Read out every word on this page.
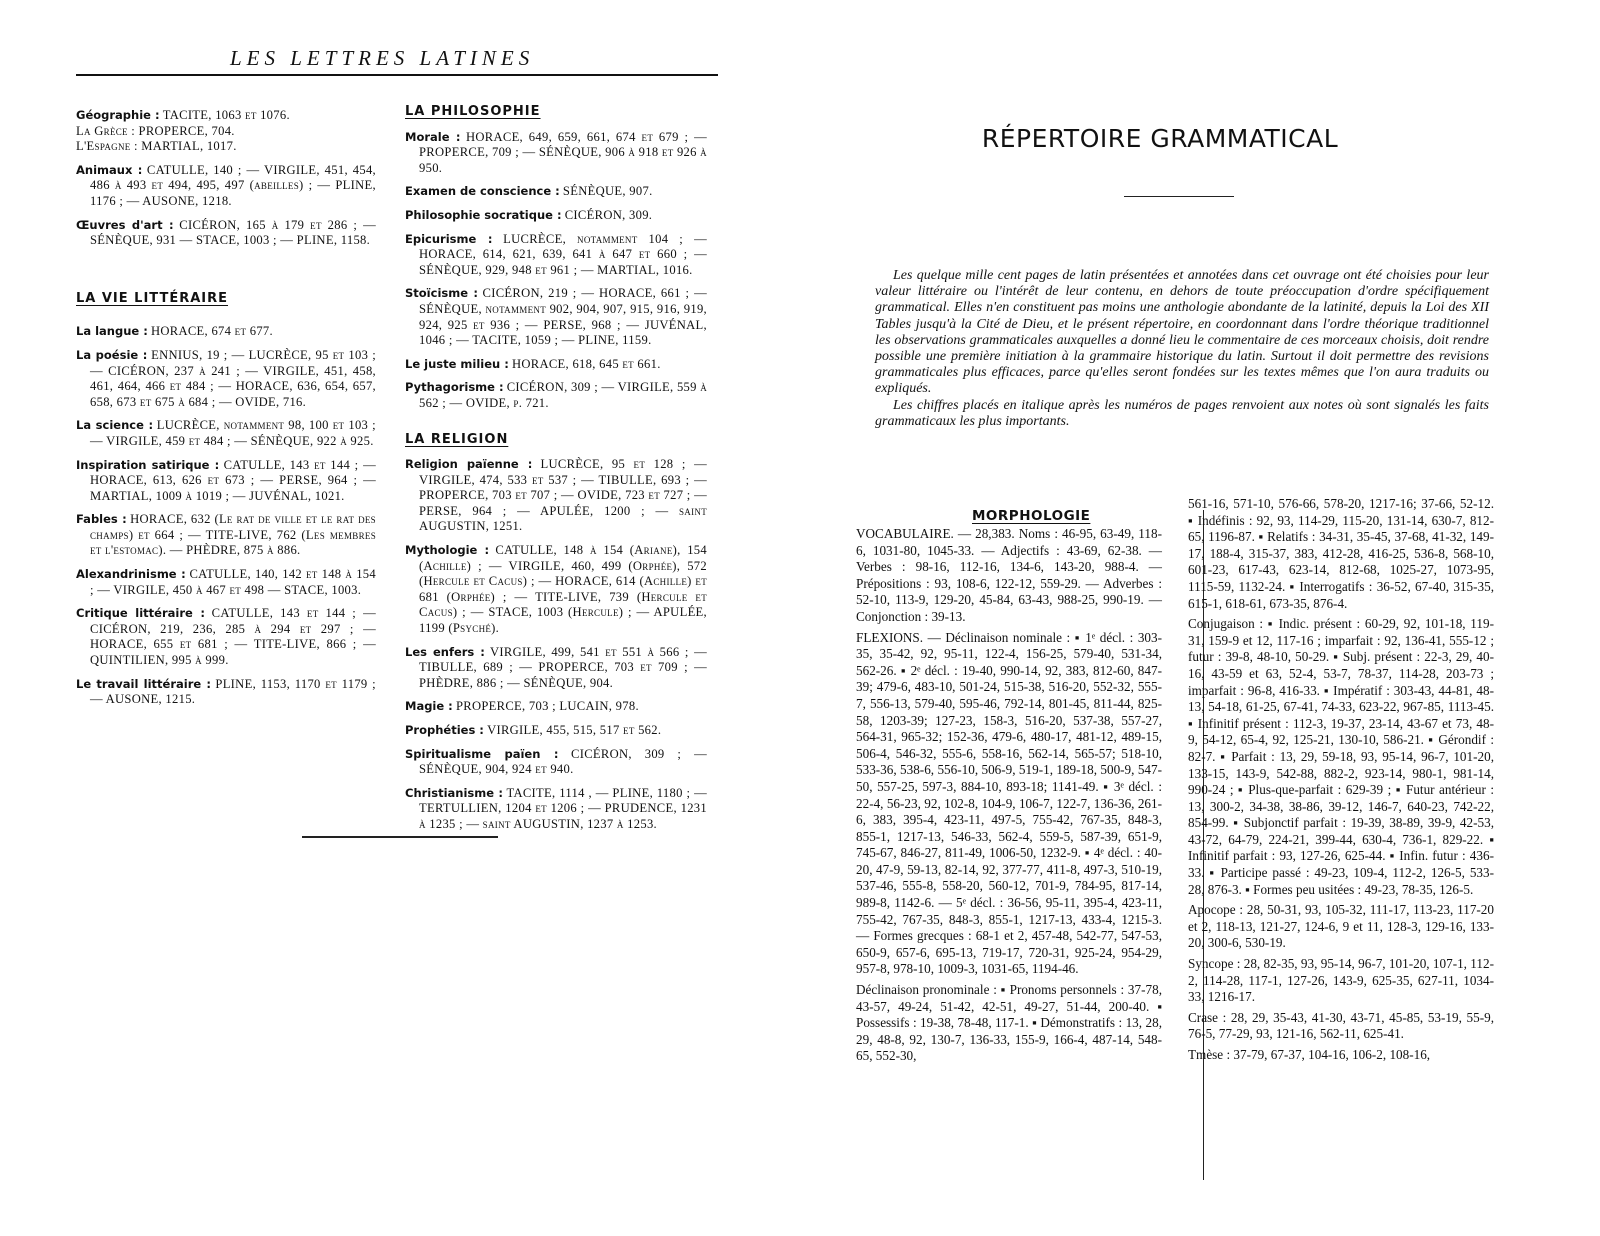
LES LETTRES LATINES
Géographie : TACITE, 1063 et 1076.
La Grèce : PROPERCE, 704.
L'Espagne : MARTIAL, 1017.
Animaux : CATULLE, 140 ; — VIRGILE, 451, 454, 486 à 493 et 494, 495, 497 (abeilles) ; — PLINE, 1176 ; — AUSONE, 1218.
Œuvres d'art : CICÉRON, 165 à 179 et 286 ; — SÉNÈQUE, 931 — STACE, 1003 ; — PLINE, 1158.
LA VIE LITTÉRAIRE
La langue : HORACE, 674 et 677.
La poésie : ENNIUS, 19 ; — LUCRÈCE, 95 et 103 ; — CICÉRON, 237 à 241 ; — VIRGILE, 451, 458, 461, 464, 466 et 484 ; — HORACE, 636, 654, 657, 658, 673 et 675 à 684 ; — OVIDE, 716.
La science : LUCRÈCE, notamment 98, 100 et 103 ; — VIRGILE, 459 et 484 ; — SÉNÈQUE, 922 à 925.
Inspiration satirique : CATULLE, 143 et 144 ; — HORACE, 613, 626 et 673 ; — PERSE, 964 ; — MARTIAL, 1009 à 1019 ; — JUVÉNAL, 1021.
Fables : HORACE, 632 (Le rat de ville et le rat des champs) et 664 ; — TITE-LIVE, 762 (Les membres et l'estomac). — PHÈDRE, 875 à 886.
Alexandrinisme : CATULLE, 140, 142 et 148 à 154 ; — VIRGILE, 450 à 467 et 498 — STACE, 1003.
Critique littéraire : CATULLE, 143 et 144 ; — CICÉRON, 219, 236, 285 à 294 et 297 ; — HORACE, 655 et 681 ; — TITE-LIVE, 866 ; — QUINTILIEN, 995 à 999.
Le travail littéraire : PLINE, 1153, 1170 et 1179 ; — AUSONE, 1215.
LA PHILOSOPHIE
Morale : HORACE, 649, 659, 661, 674 et 679 ; — PROPERCE, 709 ; — SÉNÈQUE, 906 à 918 et 926 à 950.
Examen de conscience : SÉNÈQUE, 907.
Philosophie socratique : CICÉRON, 309.
Epicurisme : LUCRÈCE, notamment 104 ; — HORACE, 614, 621, 639, 641 à 647 et 660 ; — SÉNÈQUE, 929, 948 et 961 ; — MARTIAL, 1016.
Stoïcisme : CICÉRON, 219 ; — HORACE, 661 ; — SÉNÈQUE, notamment 902, 904, 907, 915, 916, 919, 924, 925 et 936 ; — PERSE, 968 ; — JUVÉNAL, 1046 ; — TACITE, 1059 ; — PLINE, 1159.
Le juste milieu : HORACE, 618, 645 et 661.
Pythagorisme : CICÉRON, 309 ; — VIRGILE, 559 à 562 ; — OVIDE, p. 721.
LA RELIGION
Religion païenne : LUCRÈCE, 95 et 128 ; — VIRGILE, 474, 533 et 537 ; — TIBULLE, 693 ; — PROPERCE, 703 et 707 ; — OVIDE, 723 et 727 ; — PERSE, 964 ; — APULÉE, 1200 ; — saint AUGUSTIN, 1251.
Mythologie : CATULLE, 148 à 154 (Ariane), 154 (Achille) ; — VIRGILE, 460, 499 (Orphée), 572 (Hercule et Cacus) ; — HORACE, 614 (Achille) et 681 (Orphée) ; — TITE-LIVE, 739 (Hercule et Cacus) ; — STACE, 1003 (Hercule) ; — APULÉE, 1199 (Psyché).
Les enfers : VIRGILE, 499, 541 et 551 à 566 ; — TIBULLE, 689 ; — PROPERCE, 703 et 709 ; — PHÈDRE, 886 ; — SÉNÈQUE, 904.
Magie : PROPERCE, 703 ; LUCAIN, 978.
Prophéties : VIRGILE, 455, 515, 517 et 562.
Spiritualisme païen : CICÉRON, 309 ; — SÉNÈQUE, 904, 924 et 940.
Christianisme : TACITE, 1114 , — PLINE, 1180 ; — TERTULLIEN, 1204 et 1206 ; — PRUDENCE, 1231 à 1235 ; — saint AUGUSTIN, 1237 à 1253.
RÉPERTOIRE GRAMMATICAL

Les quelque mille cent pages de latin présentées et annotées dans cet ouvrage ont été choisies pour leur valeur littéraire ou l'intérêt de leur contenu, en dehors de toute préoccupation d'ordre spécifiquement grammatical. Elles n'en constituent pas moins une anthologie abondante de la latinité, depuis la Loi des XII Tables jusqu'à la Cité de Dieu, et le présent répertoire, en coordonnant dans l'ordre théorique traditionnel les observations grammaticales auxquelles a donné lieu le commentaire de ces morceaux choisis, doit rendre possible une première initiation à la grammaire historique du latin. Surtout il doit permettre des revisions grammaticales plus efficaces, parce qu'elles seront fondées sur les textes mêmes que l'on aura traduits ou expliqués.

Les chiffres placés en italique après les numéros de pages renvoient aux notes où sont signalés les faits grammaticaux les plus importants.

MORPHOLOGIE

VOCABULAIRE. — 28,383. Noms : 46-95, 63-49, 118-6, 1031-80, 1045-33. — Adjectifs : 43-69, 62-38. — Verbes : 98-16, 112-16, 134-6, 143-20, 988-4. — Prépositions : 93, 108-6, 122-12, 559-29. — Adverbes : 52-10, 113-9, 129-20, 45-84, 63-43, 988-25, 990-19. — Conjonction : 39-13.

FLEXIONS. — Déclinaison nominale : ▪ 1ᵉ décl. : 303-35, 35-42, 92, 95-11, 122-4, 156-25, 579-40, 531-34, 562-26. ▪ 2ᵉ décl. : 19-40, 990-14, 92, 383, 812-60, 847-39; 479-6, 483-10, 501-24, 515-38, 516-20, 552-32, 555-7, 556-13, 579-40, 595-46, 792-14, 801-45, 811-44, 825-58, 1203-39; 127-23, 158-3, 516-20, 537-38, 557-27, 564-31, 965-32; 152-36, 479-6, 480-17, 481-12, 489-15, 506-4, 546-32, 555-6, 558-16, 562-14, 565-57; 518-10, 533-36, 538-6, 556-10, 506-9, 519-1, 189-18, 500-9, 547-50, 557-25, 597-3, 884-10, 893-18; 1141-49. ▪ 3ᵉ décl. : 22-4, 56-23, 92, 102-8, 104-9, 106-7, 122-7, 136-36, 261-6, 383, 395-4, 423-11, 497-5, 755-42, 767-35, 848-3, 855-1, 1217-13, 546-33, 562-4, 559-5, 587-39, 651-9, 745-67, 846-27, 811-49, 1006-50, 1232-9. ▪ 4ᵉ décl. : 40-20, 47-9, 59-13, 82-14, 92, 377-77, 411-8, 497-3, 510-19, 537-46, 555-8, 558-20, 560-12, 701-9, 784-95, 817-14, 989-8, 1142-6. — 5ᵉ décl. : 36-56, 95-11, 395-4, 423-11, 755-42, 767-35, 848-3, 855-1, 1217-13, 433-4, 1215-3. — Formes grecques : 68-1 et 2, 457-48, 542-77, 547-53, 650-9, 657-6, 695-13, 719-17, 720-31, 925-24, 954-29, 957-8, 978-10, 1009-3, 1031-65, 1194-46.

Déclinaison pronominale : ▪ Pronoms personnels : 37-78, 43-57, 49-24, 51-42, 42-51, 49-27, 51-44, 200-40. ▪ Possessifs : 19-38, 78-48, 117-1. ▪ Démonstratifs : 13, 28, 29, 48-8, 92, 130-7, 136-33, 155-9, 166-4, 487-14, 548-65, 552-30,

561-16, 571-10, 576-66, 578-20, 1217-16; 37-66, 52-12. ▪ Indéfinis : 92, 93, 114-29, 115-20, 131-14, 630-7, 812-65, 1196-87. ▪ Relatifs : 34-31, 35-45, 37-68, 41-32, 149-17, 188-4, 315-37, 383, 412-28, 416-25, 536-8, 568-10, 601-23, 617-43, 623-14, 812-68, 1025-27, 1073-95, 1115-59, 1132-24. ▪ Interrogatifs : 36-52, 67-40, 315-35, 615-1, 618-61, 673-35, 876-4.

Conjugaison : ▪ Indic. présent : 60-29, 92, 101-18, 119-31, 159-9 et 12, 117-16 ; imparfait : 92, 136-41, 555-12 ; futur : 39-8, 48-10, 50-29. ▪ Subj. présent : 22-3, 29, 40-16, 43-59 et 63, 52-4, 53-7, 78-37, 114-28, 203-73 ; imparfait : 96-8, 416-33. ▪ Impératif : 303-43, 44-81, 48-13, 54-18, 61-25, 67-41, 74-33, 623-22, 967-85, 1113-45. ▪ Infinitif présent : 112-3, 19-37, 23-14, 43-67 et 73, 48-9, 54-12, 65-4, 92, 125-21, 130-10, 586-21. ▪ Gérondif : 82-7. ▪ Parfait : 13, 29, 59-18, 93, 95-14, 96-7, 101-20, 133-15, 143-9, 542-88, 882-2, 923-14, 980-1, 981-14, 990-24 ; ▪ Plus-que-parfait : 629-39 ; ▪ Futur antérieur : 13, 300-2, 34-38, 38-86, 39-12, 146-7, 640-23, 742-22, 854-99. ▪ Subjonctif parfait : 19-39, 38-89, 39-9, 42-53, 43-72, 64-79, 224-21, 399-44, 630-4, 736-1, 829-22. ▪ Infinitif parfait : 93, 127-26, 625-44. ▪ Infin. futur : 436-33. ▪ Participe passé : 49-23, 109-4, 112-2, 126-5, 533-28, 876-3. ▪ Formes peu usitées : 49-23, 78-35, 126-5.

Apocope : 28, 50-31, 93, 105-32, 111-17, 113-23, 117-20 et 2, 118-13, 121-27, 124-6, 9 et 11, 128-3, 129-16, 133-20, 300-6, 530-19.

Syncope : 28, 82-35, 93, 95-14, 96-7, 101-20, 107-1, 112-2, 114-28, 117-1, 127-26, 143-9, 625-35, 627-11, 1034-33, 1216-17.

Crase : 28, 29, 35-43, 41-30, 43-71, 45-85, 53-19, 55-9, 76-5, 77-29, 93, 121-16, 562-11, 625-41.

Tmèse : 37-79, 67-37, 104-16, 106-2, 108-16,
